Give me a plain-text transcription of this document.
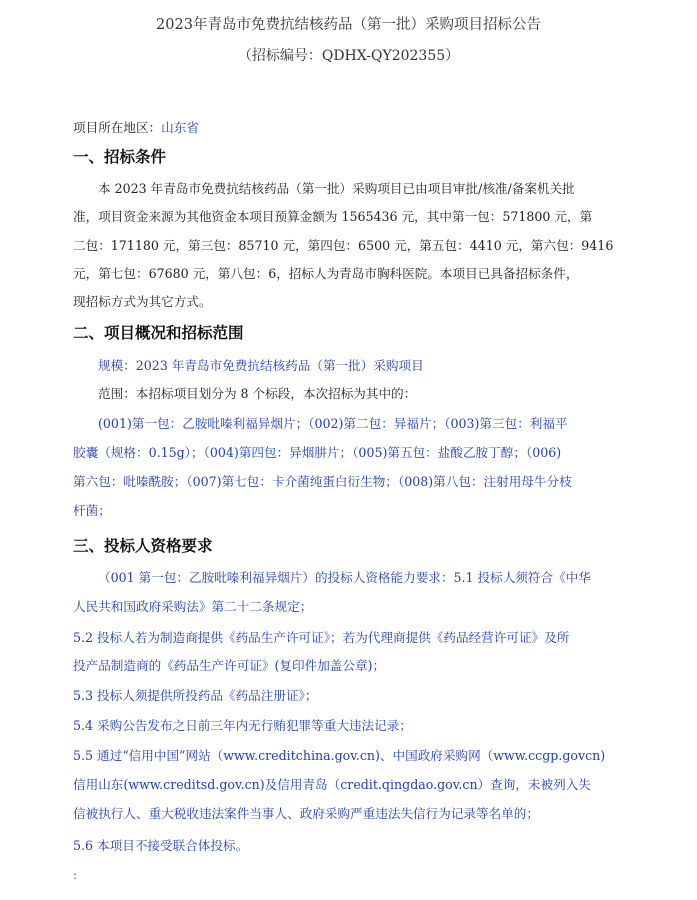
2023年青岛市免费抗结核药品（第一批）采购项目招标公告
（招标编号：QDHX-QY202355）
项目所在地区：山东省
一、招标条件
本 2023 年青岛市免费抗结核药品（第一批）采购项目已由项目审批/核准/备案机关批
准，项目资金来源为其他资金本项目预算金额为 1565436 元，其中第一包：571800 元，第
二包：171180 元，第三包：85710 元，第四包：6500 元，第五包：4410 元，第六包：9416
元，第七包：67680 元，第八包：6，招标人为青岛市胸科医院。本项目已具备招标条件，
现招标方式为其它方式。
二、项目概况和招标范围
规模：2023 年青岛市免费抗结核药品（第一批）采购项目
范围：本招标项目划分为 8 个标段，本次招标为其中的：
(001)第一包：乙胺吡嗪利福异烟片；（002)第二包：异福片；（003)第三包：利福平
胶囊（规格：0.15g）；（004)第四包：异烟肼片；（005)第五包：盐酸乙胺丁醇；（006)
第六包：吡嗪酰胺；（007)第七包：卡介菌纯蛋白衍生物；（008)第八包：注射用母牛分枝
杆菌；
三、投标人资格要求
（001 第一包：乙胺吡嗪利福异烟片）的投标人资格能力要求：5.1 投标人须符合《中华
人民共和国政府采购法》第二十二条规定；
5.2 投标人若为制造商提供《药品生产许可证》；若为代理商提供《药品经营许可证》及所
投产品制造商的《药品生产许可证》(复印件加盖公章)；
5.3 投标人须提供所投药品《药品注册证》；
5.4 采购公告发布之日前三年内无行贿犯罪等重大违法记录；
5.5 通过“信用中国”网站（www.creditchina.gov.cn)、中国政府采购网（www.ccgp.govcn)
信用山东(www.creditsd.gov.cn)及信用青岛（credit.qingdao.gov.cn）查询，未被列入失
信被执行人、重大税收违法案件当事人、政府采购严重违法失信行为记录等名单的；
5.6 本项目不接受联合体投标。
:
